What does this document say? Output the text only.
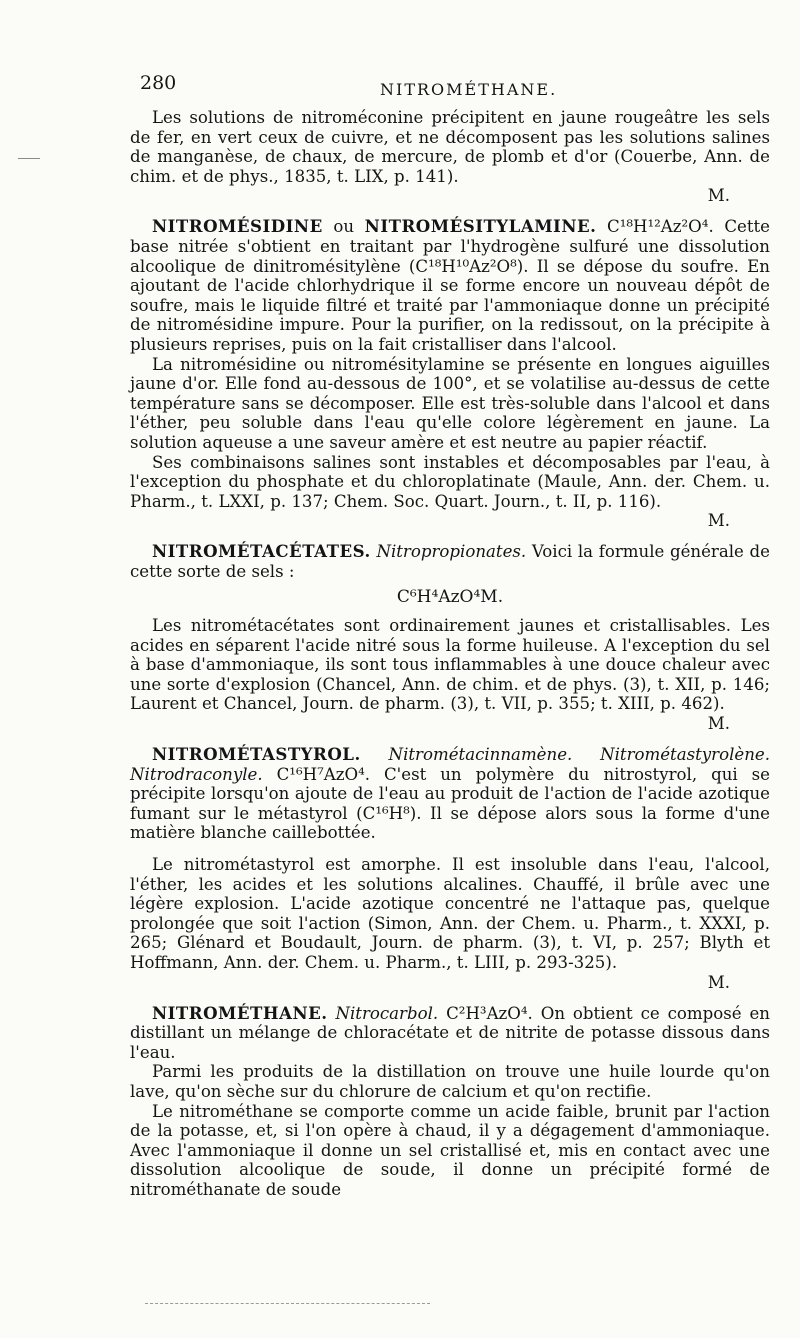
280	NITROMÉTHANE.

Les solutions de nitroméconine précipitent en jaune rougeâtre les sels de fer, en vert ceux de cuivre, et ne décomposent pas les solutions salines de manganèse, de chaux, de mercure, de plomb et d'or (Couerbe, Ann. de chim. et de phys., 1835, t. LIX, p. 141).
M.

NITROMÉSIDINE ou NITROMÉSITYLAMINE. C¹⁸H¹²Az²O⁴. Cette base nitrée s'obtient en traitant par l'hydrogène sulfuré une dissolution alcoolique de dinitromésitylène (C¹⁸H¹⁰Az²O⁸). Il se dépose du soufre. En ajoutant de l'acide chlorhydrique il se forme encore un nouveau dépôt de soufre, mais le liquide filtré et traité par l'ammoniaque donne un précipité de nitromésidine impure. Pour la purifier, on la redissout, on la précipite à plusieurs reprises, puis on la fait cristalliser dans l'alcool.

La nitromésidine ou nitromésitylamine se présente en longues aiguilles jaune d'or. Elle fond au-dessous de 100°, et se volatilise au-dessus de cette température sans se décomposer. Elle est très-soluble dans l'alcool et dans l'éther, peu soluble dans l'eau qu'elle colore légèrement en jaune. La solution aqueuse a une saveur amère et est neutre au papier réactif.

Ses combinaisons salines sont instables et décomposables par l'eau, à l'exception du phosphate et du chloroplatinate (Maule, Ann. der. Chem. u. Pharm., t. LXXI, p. 137; Chem. Soc. Quart. Journ., t. II, p. 116).
M.

NITROMÉTACÉTATES. Nitropropionates. Voici la formule générale de cette sorte de sels :

C⁶H⁴AzO⁴M.

Les nitrométacétates sont ordinairement jaunes et cristallisables. Les acides en séparent l'acide nitré sous la forme huileuse. A l'exception du sel à base d'ammoniaque, ils sont tous inflammables à une douce chaleur avec une sorte d'explosion (Chancel, Ann. de chim. et de phys. (3), t. XII, p. 146; Laurent et Chancel, Journ. de pharm. (3), t. VII, p. 355; t. XIII, p. 462).
M.

NITROMÉTASTYROL. Nitrométacinnamène. Nitrométastyrolène. Nitrodraconyle. C¹⁶H⁷AzO⁴. C'est un polymère du nitrostyrol, qui se précipite lorsqu'on ajoute de l'eau au produit de l'action de l'acide azotique fumant sur le métastyrol (C¹⁶H⁸). Il se dépose alors sous la forme d'une matière blanche caillebottée.

Le nitrométastyrol est amorphe. Il est insoluble dans l'eau, l'alcool, l'éther, les acides et les solutions alcalines. Chauffé, il brûle avec une légère explosion. L'acide azotique concentré ne l'attaque pas, quelque prolongée que soit l'action (Simon, Ann. der Chem. u. Pharm., t. XXXI, p. 265; Glénard et Boudault, Journ. de pharm. (3), t. VI, p. 257; Blyth et Hoffmann, Ann. der. Chem. u. Pharm., t. LIII, p. 293-325).
M.

NITROMÉTHANE. Nitrocarbol. C²H³AzO⁴. On obtient ce composé en distillant un mélange de chloracétate et de nitrite de potasse dissous dans l'eau.

Parmi les produits de la distillation on trouve une huile lourde qu'on lave, qu'on sèche sur du chlorure de calcium et qu'on rectifie.

Le nitrométhane se comporte comme un acide faible, brunit par l'action de la potasse, et, si l'on opère à chaud, il y a dégagement d'ammoniaque. Avec l'ammoniaque il donne un sel cristallisé et, mis en contact avec une dissolution alcoolique de soude, il donne un précipité formé de nitrométhanate de soude
